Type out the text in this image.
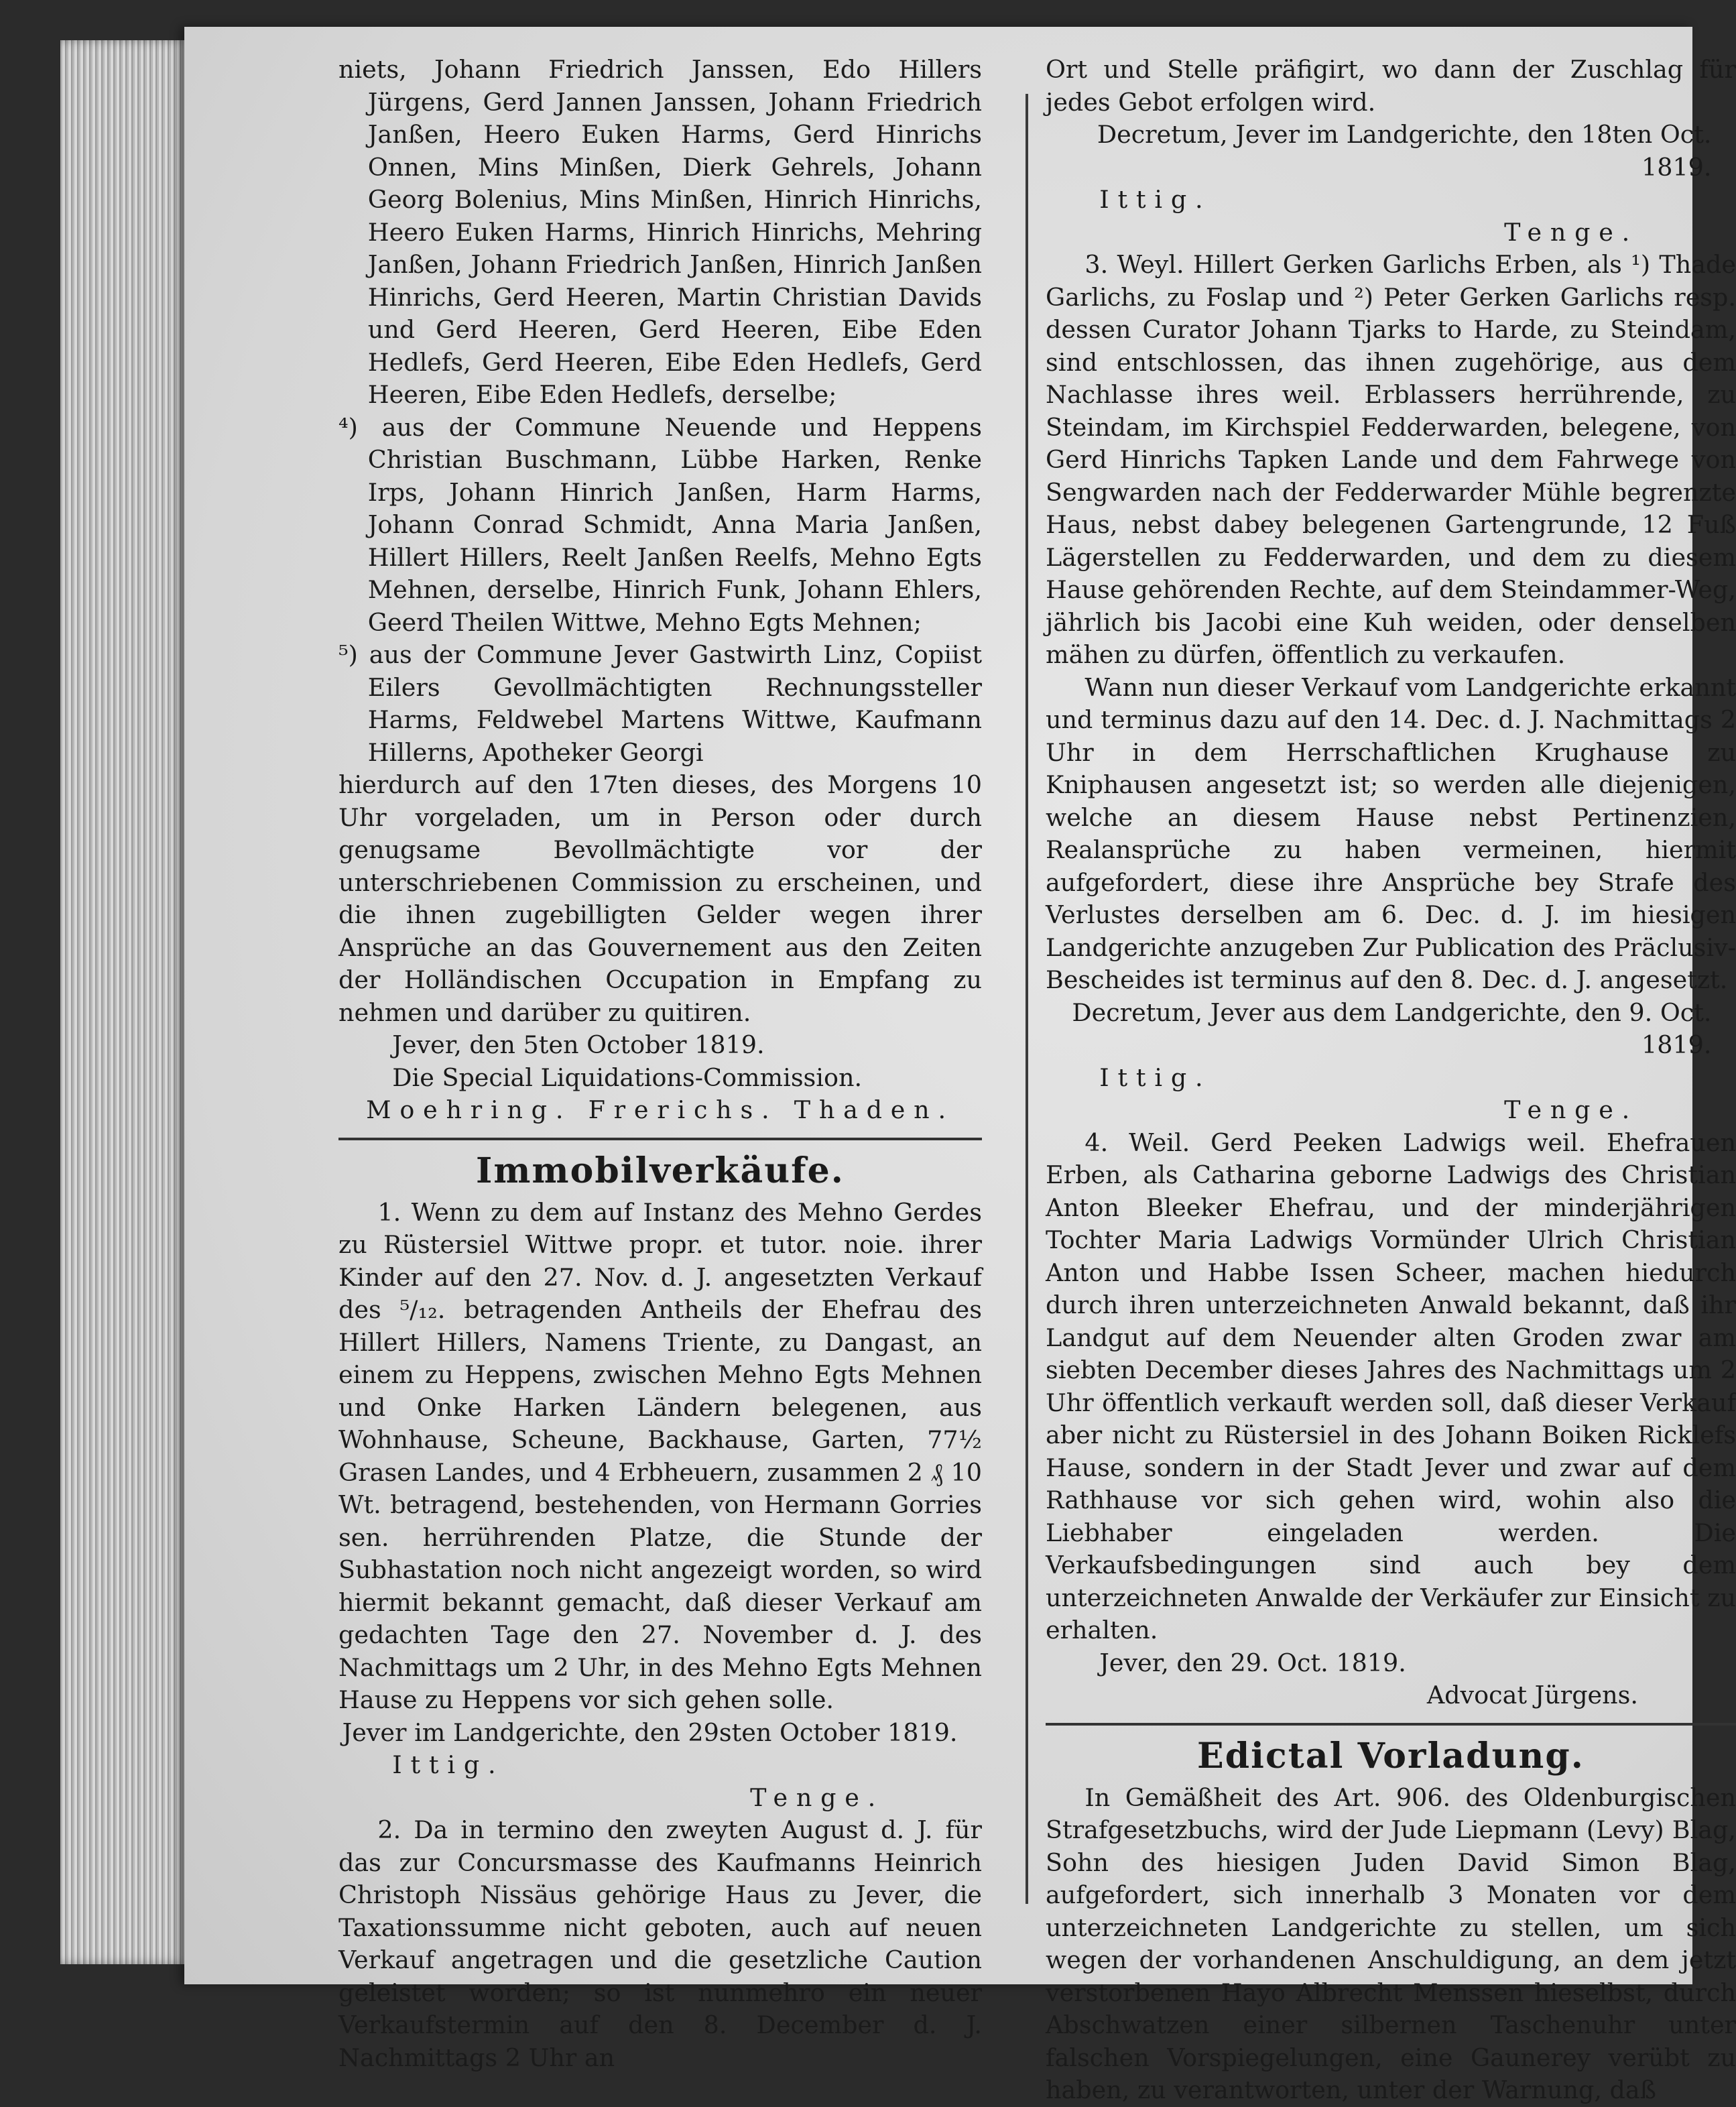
niets, Johann Friedrich Janssen, Edo Hillers Jürgens, Gerd Jannen Janssen, Johann Friedrich Janßen, Heero Euken Harms, Gerd Hinrichs Onnen, Mins Minßen, Dierk Gehrels, Johann Georg Bolenius, Mins Minßen, Hinrich Hinrichs, Heero Euken Harms, Hinrich Hinrichs, Mehring Janßen, Johann Friedrich Janßen, Hinrich Janßen Hinrichs, Gerd Heeren, Martin Christian Davids und Gerd Heeren, Gerd Heeren, Eibe Eden Hedlefs, Gerd Heeren, Eibe Eden Hedlefs, Gerd Heeren, Eibe Eden Hedlefs, derselbe;

⁴) aus der Commune Neuende und Heppens Christian Buschmann, Lübbe Harken, Renke Irps, Johann Hinrich Janßen, Harm Harms, Johann Conrad Schmidt, Anna Maria Janßen, Hillert Hillers, Reelt Janßen Reelfs, Mehno Egts Mehnen, derselbe, Hinrich Funk, Johann Ehlers, Geerd Theilen Wittwe, Mehno Egts Mehnen;

⁵) aus der Commune Jever Gastwirth Linz, Copiist Eilers Gevollmächtigten Rechnungssteller Harms, Feldwebel Martens Wittwe, Kaufmann Hillerns, Apotheker Georgi

hierdurch auf den 17ten dieses, des Morgens 10 Uhr vorgeladen, um in Person oder durch genugsame Bevollmächtigte vor der unterschriebenen Commission zu erscheinen, und die ihnen zugebilligten Gelder wegen ihrer Ansprüche an das Gouvernement aus den Zeiten der Holländischen Occupation in Empfang zu nehmen und darüber zu quitiren.

Jever, den 5ten October 1819.

Die Special Liquidations-Commission.

Moehring. Frerichs. Thaden.

Immobilverkäufe.

1. Wenn zu dem auf Instanz des Mehno Gerdes zu Rüstersiel Wittwe propr. et tutor. noie. ihrer Kinder auf den 27. Nov. d. J. angesetzten Verkauf des ⁵/₁₂. betragenden Antheils der Ehefrau des Hillert Hillers, Namens Triente, zu Dangast, an einem zu Heppens, zwischen Mehno Egts Mehnen und Onke Harken Ländern belegenen, aus Wohnhause, Scheune, Backhause, Garten, 77½ Grasen Landes, und 4 Erbheuern, zusammen 2 ₰ 10 Wt. betragend, bestehenden, von Hermann Gorries sen. herrührenden Platze, die Stunde der Subhastation noch nicht angezeigt worden, so wird hiermit bekannt gemacht, daß dieser Verkauf am gedachten Tage den 27. November d. J. des Nachmittags um 2 Uhr, in des Mehno Egts Mehnen Hause zu Heppens vor sich gehen solle.

Jever im Landgerichte, den 29sten October 1819.

Ittig.

Tenge.

2. Da in termino den zweyten August d. J. für das zur Concursmasse des Kaufmanns Heinrich Christoph Nissäus gehörige Haus zu Jever, die Taxationssumme nicht geboten, auch auf neuen Verkauf angetragen und die gesetzliche Caution geleistet worden; so ist nunmehro ein neuer Verkaufstermin auf den 8. December d. J. Nachmittags 2 Uhr an

Ort und Stelle präfigirt, wo dann der Zuschlag für jedes Gebot erfolgen wird.

Decretum, Jever im Landgerichte, den 18ten Oct. 1819.

Ittig.

Tenge.

3. Weyl. Hillert Gerken Garlichs Erben, als ¹) Thade Garlichs, zu Foslap und ²) Peter Gerken Garlichs resp. dessen Curator Johann Tjarks to Harde, zu Steindam, sind entschlossen, das ihnen zugehörige, aus dem Nachlasse ihres weil. Erblassers herrührende, zu Steindam, im Kirchspiel Fedderwarden, belegene, von Gerd Hinrichs Tapken Lande und dem Fahrwege von Sengwarden nach der Fedderwarder Mühle begrenzte Haus, nebst dabey belegenen Gartengrunde, 12 Fuß Lägerstellen zu Fedderwarden, und dem zu diesem Hause gehörenden Rechte, auf dem Steindammer-Weg, jährlich bis Jacobi eine Kuh weiden, oder denselben mähen zu dürfen, öffentlich zu verkaufen.

Wann nun dieser Verkauf vom Landgerichte erkannt und terminus dazu auf den 14. Dec. d. J. Nachmittags 2 Uhr in dem Herrschaftlichen Krughause zu Kniphausen angesetzt ist; so werden alle diejenigen, welche an diesem Hause nebst Pertinenzien, Realansprüche zu haben vermeinen, hiermit aufgefordert, diese ihre Ansprüche bey Strafe des Verlustes derselben am 6. Dec. d. J. im hiesigen Landgerichte anzugeben Zur Publication des Präclusiv-Bescheides ist terminus auf den 8. Dec. d. J. angesetzt.

Decretum, Jever aus dem Landgerichte, den 9. Oct. 1819.

Ittig.

Tenge.

4. Weil. Gerd Peeken Ladwigs weil. Ehefrauen Erben, als Catharina geborne Ladwigs des Christian Anton Bleeker Ehefrau, und der minderjährigen Tochter Maria Ladwigs Vormünder Ulrich Christian Anton und Habbe Issen Scheer, machen hiedurch durch ihren unterzeichneten Anwald bekannt, daß ihr Landgut auf dem Neuender alten Groden zwar am siebten December dieses Jahres des Nachmittags um 2 Uhr öffentlich verkauft werden soll, daß dieser Verkauf aber nicht zu Rüstersiel in des Johann Boiken Ricklefs Hause, sondern in der Stadt Jever und zwar auf dem Rathhause vor sich gehen wird, wohin also die Liebhaber eingeladen werden. Die Verkaufsbedingungen sind auch bey dem unterzeichneten Anwalde der Verkäufer zur Einsicht zu erhalten.

Jever, den 29. Oct. 1819.

Advocat Jürgens.

Edictal Vorladung.

In Gemäßheit des Art. 906. des Oldenburgischen Strafgesetzbuchs, wird der Jude Liepmann (Levy) Blag, Sohn des hiesigen Juden David Simon Blag, aufgefordert, sich innerhalb 3 Monaten vor dem unterzeichneten Landgerichte zu stellen, um sich wegen der vorhandenen Anschuldigung, an dem jetzt verstorbenen Hayo Albrecht Menssen hieselbst, durch Abschwatzen einer silbernen Taschenuhr unter falschen Vorspiegelungen, eine Gaunerey verübt zu haben, zu verantworten, unter der Warnung, daß
